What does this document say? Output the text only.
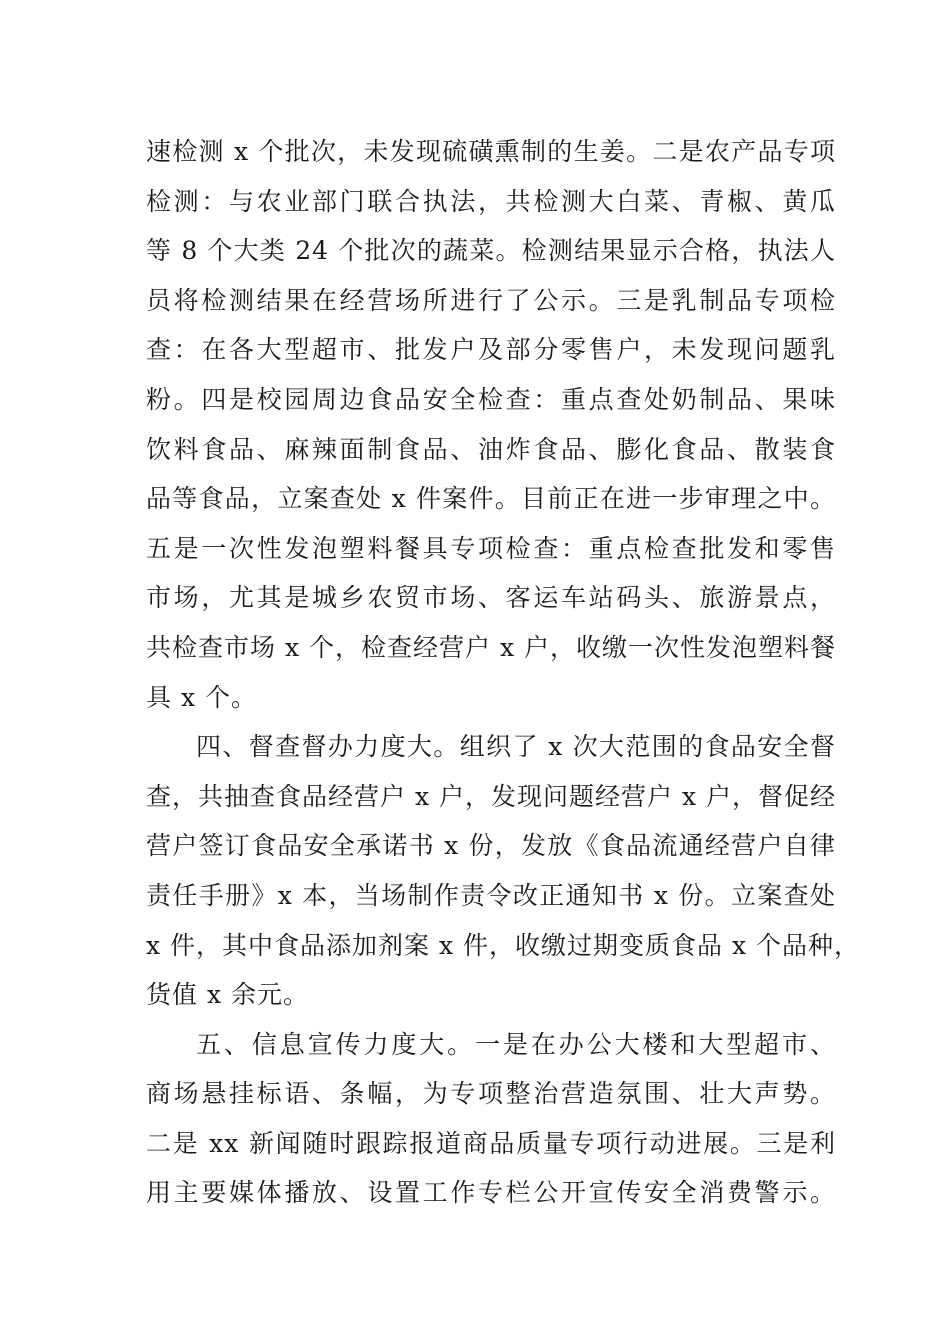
速检测 x 个批次，未发现硫磺熏制的生姜。二是农产品专项
检测：与农业部门联合执法，共检测大白菜、青椒、黄瓜
等 8 个大类 24 个批次的蔬菜。检测结果显示合格，执法人
员将检测结果在经营场所进行了公示。三是乳制品专项检
查：在各大型超市、批发户及部分零售户，未发现问题乳
粉。四是校园周边食品安全检查：重点查处奶制品、果味
饮料食品、麻辣面制食品、油炸食品、膨化食品、散装食
品等食品，立案查处 x 件案件。目前正在进一步审理之中。
五是一次性发泡塑料餐具专项检查：重点检查批发和零售
市场，尤其是城乡农贸市场、客运车站码头、旅游景点，
共检查市场 x 个，检查经营户 x 户，收缴一次性发泡塑料餐
具 x 个。
四、督查督办力度大。组织了 x 次大范围的食品安全督
查，共抽查食品经营户 x 户，发现问题经营户 x 户，督促经
营户签订食品安全承诺书 x 份，发放《食品流通经营户自律
责任手册》x 本，当场制作责令改正通知书 x 份。立案查处
x 件，其中食品添加剂案 x 件，收缴过期变质食品 x 个品种，
货值 x 余元。
五、信息宣传力度大。一是在办公大楼和大型超市、
商场悬挂标语、条幅，为专项整治营造氛围、壮大声势。
二是 xx 新闻随时跟踪报道商品质量专项行动进展。三是利
用主要媒体播放、设置工作专栏公开宣传安全消费警示。
